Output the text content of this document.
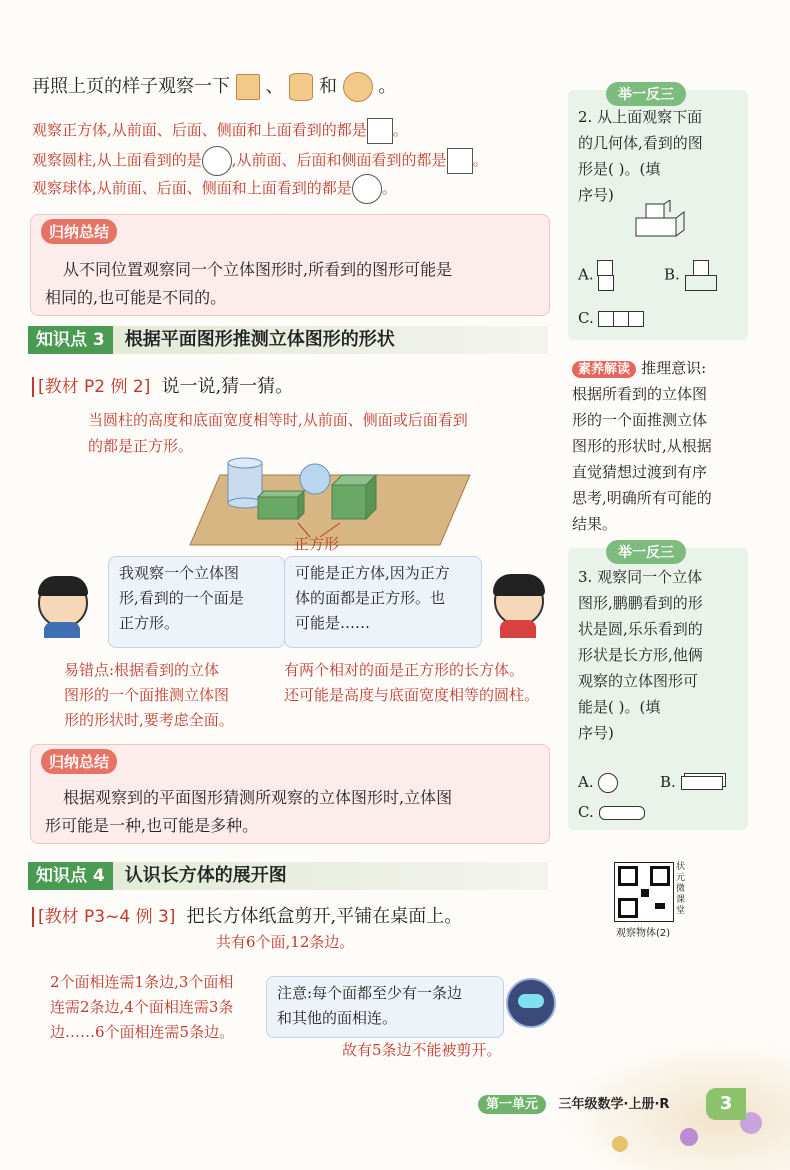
再照上页的样子观察一下 、 和 。
观察正方体,从前面、后面、侧面和上面看到的都是 。
观察圆柱,从上面看到的是 ,从前面、后面和侧面看到的都是 。
观察球体,从前面、后面、侧面和上面看到的都是 。
归纳总结
从不同位置观察同一个立体图形时,所看到的图形可能是
相同的,也可能是不同的。
知识点 3 根据平面图形推测立体图形的形状
[教材 P2 例 2] 说一说,猜一猜。
当圆柱的高度和底面宽度相等时,从前面、侧面或后面看到
的都是正方形。
正方形
我观察一个立体图
形,看到的一个面是
正方形。
可能是正方体,因为正方
体的面都是正方形。也
可能是……
易错点:根据看到的立体
图形的一个面推测立体图
形的形状时,要考虑全面。
有两个相对的面是正方形的长方体。
还可能是高度与底面宽度相等的圆柱。
归纳总结
根据观察到的平面图形猜测所观察的立体图形时,立体图
形可能是一种,也可能是多种。
知识点 4 认识长方体的展开图
[教材 P3~4 例 3] 把长方体纸盒剪开,平铺在桌面上。
共有6个面,12条边。
2个面相连需1条边,3个面相
连需2条边,4个面相连需3条
边……6个面相连需5条边。
注意:每个面都至少有一条边
和其他的面相连。
故有5条边不能被剪开。
举一反三
2. 从上面观察下面
的几何体,看到的图
形是( )。(填
序号)
A.	B.
C.
素养解读 推理意识:
根据所看到的立体图
形的一个面推测立体
图形的形状时,从根据
直觉猜想过渡到有序
思考,明确所有可能的
结果。
举一反三
3. 观察同一个立体
图形,鹏鹏看到的形
状是圆,乐乐看到的
形状是长方形,他俩
观察的立体图形可
能是( )。(填
序号)
A.	B.
C.
状元微课堂
观察物体(2)
第一单元 三年级数学·上册·R	3
